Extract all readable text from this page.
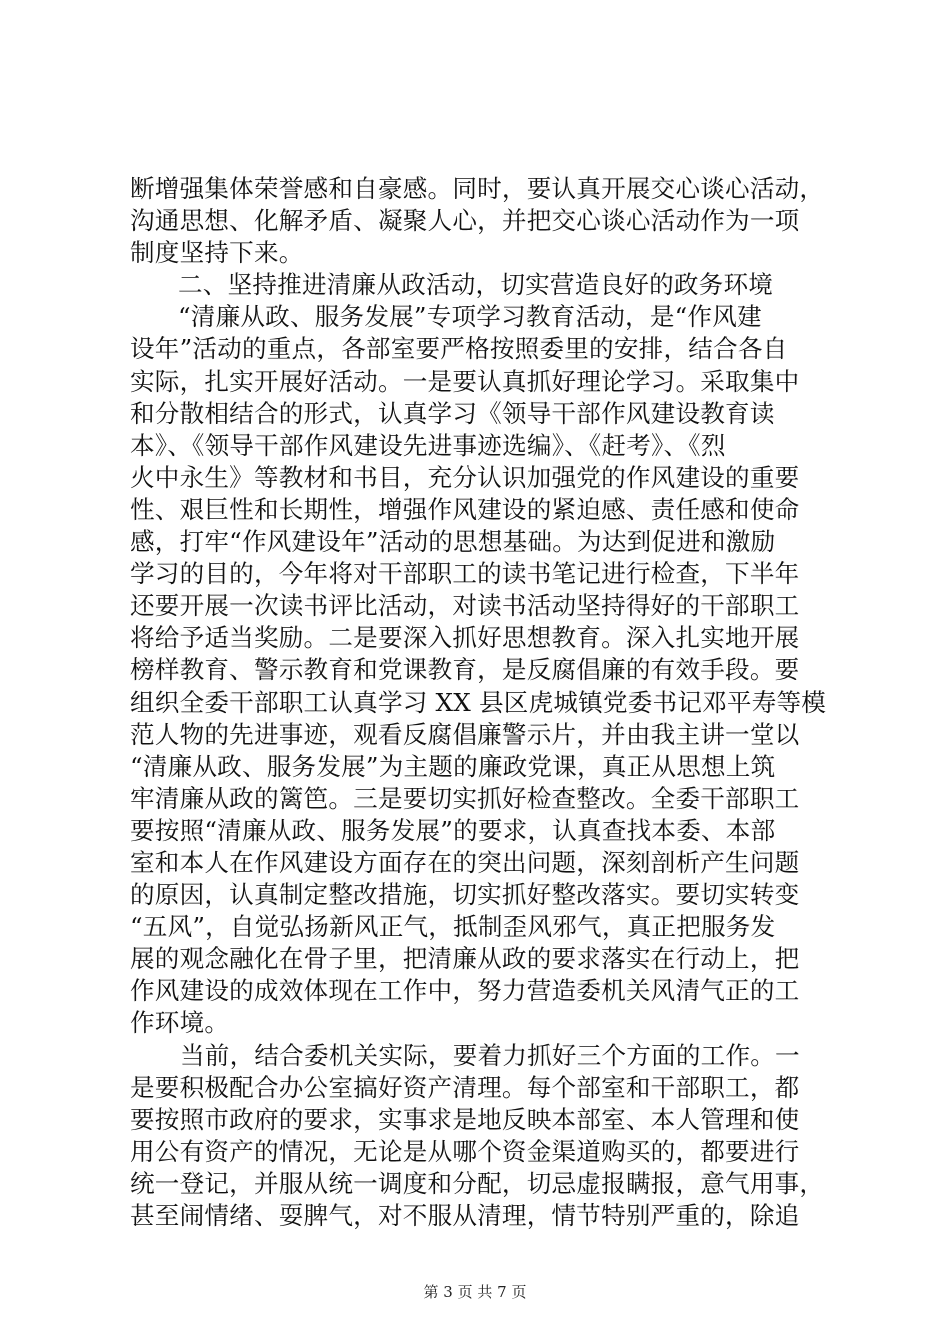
断增强集体荣誉感和自豪感。同时，要认真开展交心谈心活动，
沟通思想、化解矛盾、凝聚人心，并把交心谈心活动作为一项
制度坚持下来。
二、坚持推进清廉从政活动，切实营造良好的政务环境
“清廉从政、服务发展”专项学习教育活动，是“作风建
设年”活动的重点，各部室要严格按照委里的安排，结合各自
实际，扎实开展好活动。一是要认真抓好理论学习。采取集中
和分散相结合的形式，认真学习《领导干部作风建设教育读
本》、《领导干部作风建设先进事迹选编》、《赶考》、《烈
火中永生》等教材和书目，充分认识加强党的作风建设的重要
性、艰巨性和长期性，增强作风建设的紧迫感、责任感和使命
感，打牢“作风建设年”活动的思想基础。为达到促进和激励
学习的目的，今年将对干部职工的读书笔记进行检查，下半年
还要开展一次读书评比活动，对读书活动坚持得好的干部职工
将给予适当奖励。二是要深入抓好思想教育。深入扎实地开展
榜样教育、警示教育和党课教育，是反腐倡廉的有效手段。要
组织全委干部职工认真学习 XX 县区虎城镇党委书记邓平寿等模
范人物的先进事迹，观看反腐倡廉警示片，并由我主讲一堂以
“清廉从政、服务发展”为主题的廉政党课，真正从思想上筑
牢清廉从政的篱笆。三是要切实抓好检查整改。全委干部职工
要按照“清廉从政、服务发展”的要求，认真查找本委、本部
室和本人在作风建设方面存在的突出问题，深刻剖析产生问题
的原因，认真制定整改措施，切实抓好整改落实。要切实转变
“五风”，自觉弘扬新风正气，抵制歪风邪气，真正把服务发
展的观念融化在骨子里，把清廉从政的要求落实在行动上，把
作风建设的成效体现在工作中，努力营造委机关风清气正的工
作环境。
当前，结合委机关实际，要着力抓好三个方面的工作。一
是要积极配合办公室搞好资产清理。每个部室和干部职工，都
要按照市政府的要求，实事求是地反映本部室、本人管理和使
用公有资产的情况，无论是从哪个资金渠道购买的，都要进行
统一登记，并服从统一调度和分配，切忌虚报瞒报，意气用事，
甚至闹情绪、耍脾气，对不服从清理，情节特别严重的，除追
第 3 页 共 7 页
